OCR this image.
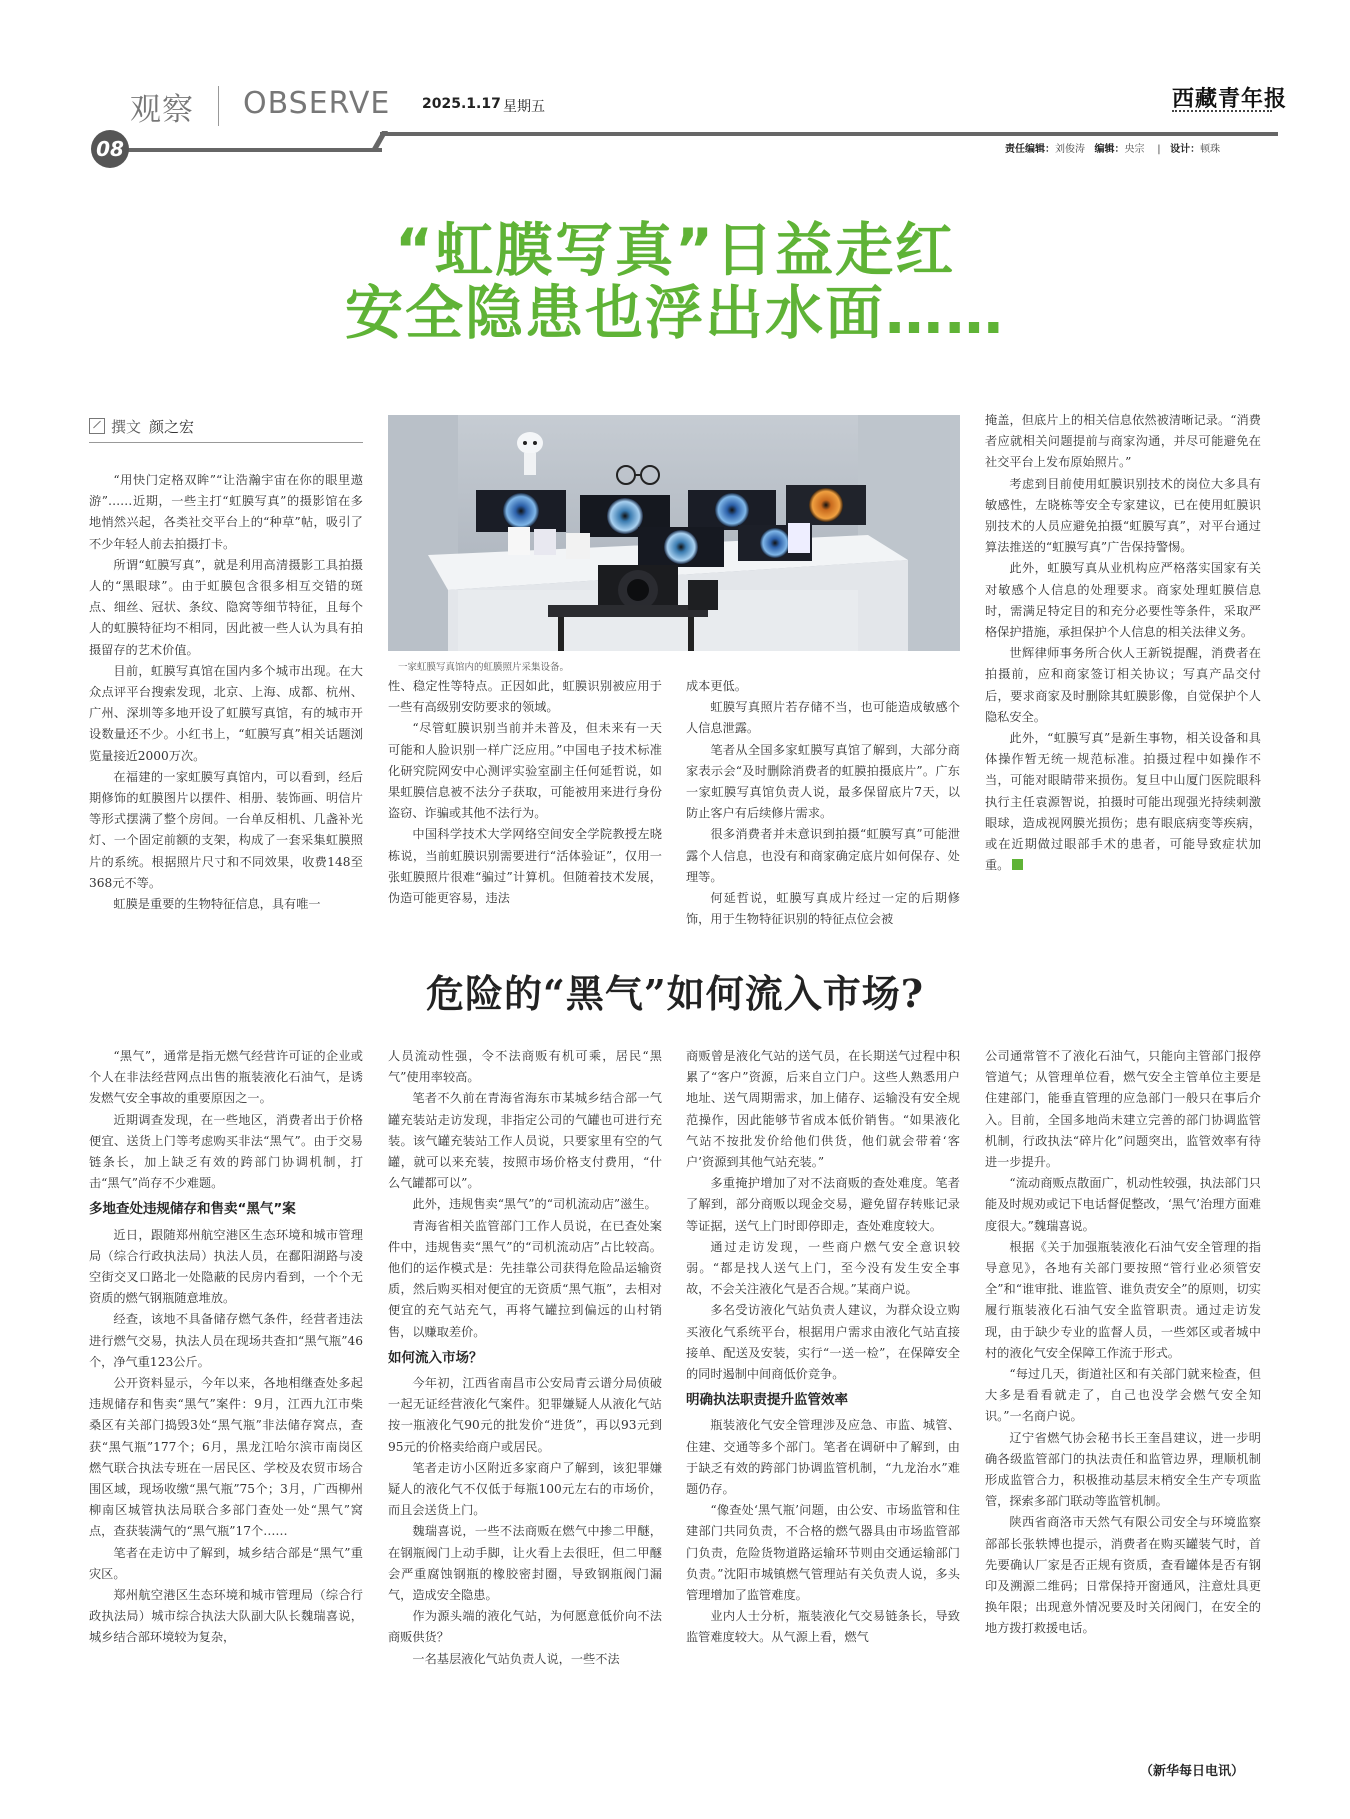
观察 OBSERVE 2025.1.17 星期五	西藏青年报
08	责任编辑：刘俊涛 编辑：央宗    |   设计：顿珠
“虹膜写真”日益走红
安全隐患也浮出水面……
撰文 颜之宏

“用快门定格双眸”“让浩瀚宇宙在你的眼里遨游”……近期，一些主打“虹膜写真”的摄影馆在多地悄然兴起，各类社交平台上的“种草”帖，吸引了不少年轻人前去拍摄打卡。

所谓“虹膜写真”，就是利用高清摄影工具拍摄人的“黑眼球”。由于虹膜包含很多相互交错的斑点、细丝、冠状、条纹、隐窝等细节特征，且每个人的虹膜特征均不相同，因此被一些人认为具有拍摄留存的艺术价值。

目前，虹膜写真馆在国内多个城市出现。在大众点评平台搜索发现，北京、上海、成都、杭州、广州、深圳等多地开设了虹膜写真馆，有的城市开设数量还不少。小红书上，“虹膜写真”相关话题浏览量接近2000万次。

在福建的一家虹膜写真馆内，可以看到，经后期修饰的虹膜图片以摆件、相册、装饰画、明信片等形式摆满了整个房间。一台单反相机、几盏补光灯、一个固定前额的支架，构成了一套采集虹膜照片的系统。根据照片尺寸和不同效果，收费148至368元不等。

虹膜是重要的生物特征信息，具有唯一

一家虹膜写真馆内的虹膜照片采集设备。

性、稳定性等特点。正因如此，虹膜识别被应用于一些有高级别安防要求的领域。

“尽管虹膜识别当前并未普及，但未来有一天可能和人脸识别一样广泛应用。”中国电子技术标准化研究院网安中心测评实验室副主任何延哲说，如果虹膜信息被不法分子获取，可能被用来进行身份盗窃、诈骗或其他不法行为。

中国科学技术大学网络空间安全学院教授左晓栋说，当前虹膜识别需要进行“活体验证”，仅用一张虹膜照片很难“骗过”计算机。但随着技术发展，伪造可能更容易，违法

成本更低。

虹膜写真照片若存储不当，也可能造成敏感个人信息泄露。

笔者从全国多家虹膜写真馆了解到，大部分商家表示会“及时删除消费者的虹膜拍摄底片”。广东一家虹膜写真馆负责人说，最多保留底片7天，以防止客户有后续修片需求。

很多消费者并未意识到拍摄“虹膜写真”可能泄露个人信息，也没有和商家确定底片如何保存、处理等。

何延哲说，虹膜写真成片经过一定的后期修饰，用于生物特征识别的特征点位会被

掩盖，但底片上的相关信息依然被清晰记录。“消费者应就相关问题提前与商家沟通，并尽可能避免在社交平台上发布原始照片。”

考虑到目前使用虹膜识别技术的岗位大多具有敏感性，左晓栋等安全专家建议，已在使用虹膜识别技术的人员应避免拍摄“虹膜写真”，对平台通过算法推送的“虹膜写真”广告保持警惕。

此外，虹膜写真从业机构应严格落实国家有关对敏感个人信息的处理要求。商家处理虹膜信息时，需满足特定目的和充分必要性等条件，采取严格保护措施，承担保护个人信息的相关法律义务。

世辉律师事务所合伙人王新锐提醒，消费者在拍摄前，应和商家签订相关协议；写真产品交付后，要求商家及时删除其虹膜影像，自觉保护个人隐私安全。

此外，“虹膜写真”是新生事物，相关设备和具体操作暂无统一规范标准。拍摄过程中如操作不当，可能对眼睛带来损伤。复旦中山厦门医院眼科执行主任袁源智说，拍摄时可能出现强光持续刺激眼球，造成视网膜光损伤；患有眼底病变等疾病，或在近期做过眼部手术的患者，可能导致症状加重。

危险的“黑气”如何流入市场?

“黑气”，通常是指无燃气经营许可证的企业或个人在非法经营网点出售的瓶装液化石油气，是诱发燃气安全事故的重要原因之一。

近期调查发现，在一些地区，消费者出于价格便宜、送货上门等考虑购买非法“黑气”。由于交易链条长，加上缺乏有效的跨部门协调机制，打击“黑气”尚存不少难题。

多地查处违规储存和售卖“黑气”案

近日，跟随郑州航空港区生态环境和城市管理局（综合行政执法局）执法人员，在鄱阳湖路与凌空街交叉口路北一处隐蔽的民房内看到，一个个无资质的燃气钢瓶随意堆放。

经查，该地不具备储存燃气条件，经营者违法进行燃气交易，执法人员在现场共查扣“黑气瓶”46个，净气重123公斤。

公开资料显示，今年以来，各地相继查处多起违规储存和售卖“黑气”案件：9月，江西九江市柴桑区有关部门捣毁3处“黑气瓶”非法储存窝点，查获“黑气瓶”177个；6月，黑龙江哈尔滨市南岗区燃气联合执法专班在一居民区、学校及农贸市场合围区域，现场收缴“黑气瓶”75个；3月，广西柳州柳南区城管执法局联合多部门查处一处“黑气”窝点，查获装满气的“黑气瓶”17个……

笔者在走访中了解到，城乡结合部是“黑气”重灾区。

郑州航空港区生态环境和城市管理局（综合行政执法局）城市综合执法大队副大队长魏瑞喜说，城乡结合部环境较为复杂，

人员流动性强，令不法商贩有机可乘，居民“黑气”使用率较高。

笔者不久前在青海省海东市某城乡结合部一气罐充装站走访发现，非指定公司的气罐也可进行充装。该气罐充装站工作人员说，只要家里有空的气罐，就可以来充装，按照市场价格支付费用，“什么气罐都可以”。

此外，违规售卖“黑气”的“司机流动店”滋生。

青海省相关监管部门工作人员说，在已查处案件中，违规售卖“黑气”的“司机流动店”占比较高。他们的运作模式是：先挂靠公司获得危险品运输资质，然后购买相对便宜的无资质“黑气瓶”，去相对便宜的充气站充气，再将气罐拉到偏远的山村销售，以赚取差价。

如何流入市场？

今年初，江西省南昌市公安局青云谱分局侦破一起无证经营液化气案件。犯罪嫌疑人从液化气站按一瓶液化气90元的批发价“进货”，再以93元到95元的价格卖给商户或居民。

笔者走访小区附近多家商户了解到，该犯罪嫌疑人的液化气不仅低于每瓶100元左右的市场价，而且会送货上门。

魏瑞喜说，一些不法商贩在燃气中掺二甲醚，在钢瓶阀门上动手脚，让火看上去很旺，但二甲醚会严重腐蚀钢瓶的橡胶密封圈，导致钢瓶阀门漏气，造成安全隐患。

作为源头端的液化气站，为何愿意低价向不法商贩供货？

一名基层液化气站负责人说，一些不法

商贩曾是液化气站的送气员，在长期送气过程中积累了“客户”资源，后来自立门户。这些人熟悉用户地址、送气周期需求，加上储存、运输没有安全规范操作，因此能够节省成本低价销售。“如果液化气站不按批发价给他们供货，他们就会带着‘客户’资源到其他气站充装。”

多重掩护增加了对不法商贩的查处难度。笔者了解到，部分商贩以现金交易，避免留存转账记录等证据，送气上门时即停即走，查处难度较大。

通过走访发现，一些商户燃气安全意识较弱。“都是找人送气上门，至今没有发生安全事故，不会关注液化气是否合规。”某商户说。

多名受访液化气站负责人建议，为群众设立购买液化气系统平台，根据用户需求由液化气站直接接单、配送及安装，实行“一送一检”，在保障安全的同时遏制中间商低价竞争。

明确执法职责提升监管效率

瓶装液化气安全管理涉及应急、市监、城管、住建、交通等多个部门。笔者在调研中了解到，由于缺乏有效的跨部门协调监管机制，“九龙治水”难题仍存。

“像查处‘黑气瓶’问题，由公安、市场监管和住建部门共同负责，不合格的燃气器具由市场监管部门负责，危险货物道路运输环节则由交通运输部门负责。”沈阳市城镇燃气管理站有关负责人说，多头管理增加了监管难度。

业内人士分析，瓶装液化气交易链条长，导致监管难度较大。从气源上看，燃气

公司通常管不了液化石油气，只能向主管部门报停管道气；从管理单位看，燃气安全主管单位主要是住建部门，能垂直管理的应急部门一般只在事后介入。目前，全国多地尚未建立完善的部门协调监管机制，行政执法“碎片化”问题突出，监管效率有待进一步提升。

“流动商贩点散面广，机动性较强，执法部门只能及时规劝或记下电话督促整改，‘黑气’治理方面难度很大。”魏瑞喜说。

根据《关于加强瓶装液化石油气安全管理的指导意见》，各地有关部门要按照“管行业必须管安全”和“谁审批、谁监管、谁负责安全”的原则，切实履行瓶装液化石油气安全监管职责。通过走访发现，由于缺少专业的监督人员，一些郊区或者城中村的液化气安全保障工作流于形式。

“每过几天，街道社区和有关部门就来检查，但大多是看看就走了，自己也没学会燃气安全知识。”一名商户说。

辽宁省燃气协会秘书长王奎昌建议，进一步明确各级监管部门的执法责任和监管边界，理顺机制形成监管合力，积极推动基层末梢安全生产专项监管，探索多部门联动等监管机制。

陕西省商洛市天然气有限公司安全与环境监察部部长张轶博也提示，消费者在购买罐装气时，首先要确认厂家是否正规有资质，查看罐体是否有钢印及溯源二维码；日常保持开窗通风，注意灶具更换年限；出现意外情况要及时关闭阀门，在安全的地方拨打救援电话。

（新华每日电讯）
